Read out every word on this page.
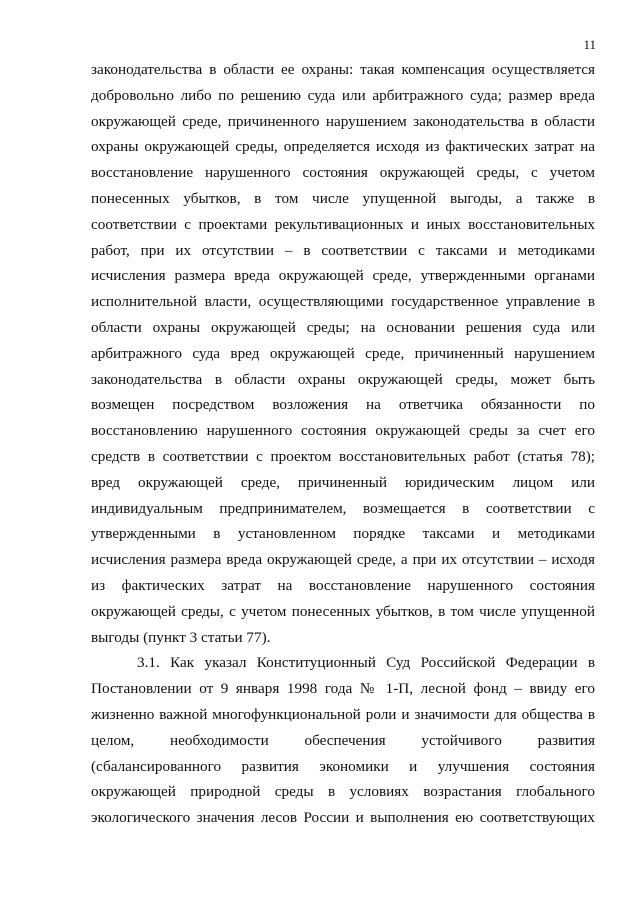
11
законодательства в области ее охраны: такая компенсация осуществляется
добровольно либо по решению суда или арбитражного суда; размер вреда
окружающей среде, причиненного нарушением законодательства в области
охраны окружающей среды, определяется исходя из фактических затрат на
восстановление нарушенного состояния окружающей среды, с учетом
понесенных убытков, в том числе упущенной выгоды, а также в
соответствии с проектами рекультивационных и иных восстановительных
работ, при их отсутствии – в соответствии с таксами и методиками
исчисления размера вреда окружающей среде, утвержденными органами
исполнительной власти, осуществляющими государственное управление в
области охраны окружающей среды; на основании решения суда или
арбитражного суда вред окружающей среде, причиненный нарушением
законодательства в области охраны окружающей среды, может быть
возмещен посредством возложения на ответчика обязанности по
восстановлению нарушенного состояния окружающей среды за счет его
средств в соответствии с проектом восстановительных работ (статья 78);
вред окружающей среде, причиненный юридическим лицом или
индивидуальным предпринимателем, возмещается в соответствии с
утвержденными в установленном порядке таксами и методиками
исчисления размера вреда окружающей среде, а при их отсутствии – исходя
из фактических затрат на восстановление нарушенного состояния
окружающей среды, с учетом понесенных убытков, в том числе упущенной
выгоды (пункт 3 статьи 77).
3.1. Как указал Конституционный Суд Российской Федерации в
Постановлении от 9 января 1998 года № 1-П, лесной фонд – ввиду его
жизненно важной многофункциональной роли и значимости для общества в
целом, необходимости обеспечения устойчивого развития
(сбалансированного развития экономики и улучшения состояния
окружающей природной среды в условиях возрастания глобального
экологического значения лесов России и выполнения ею соответствующих
